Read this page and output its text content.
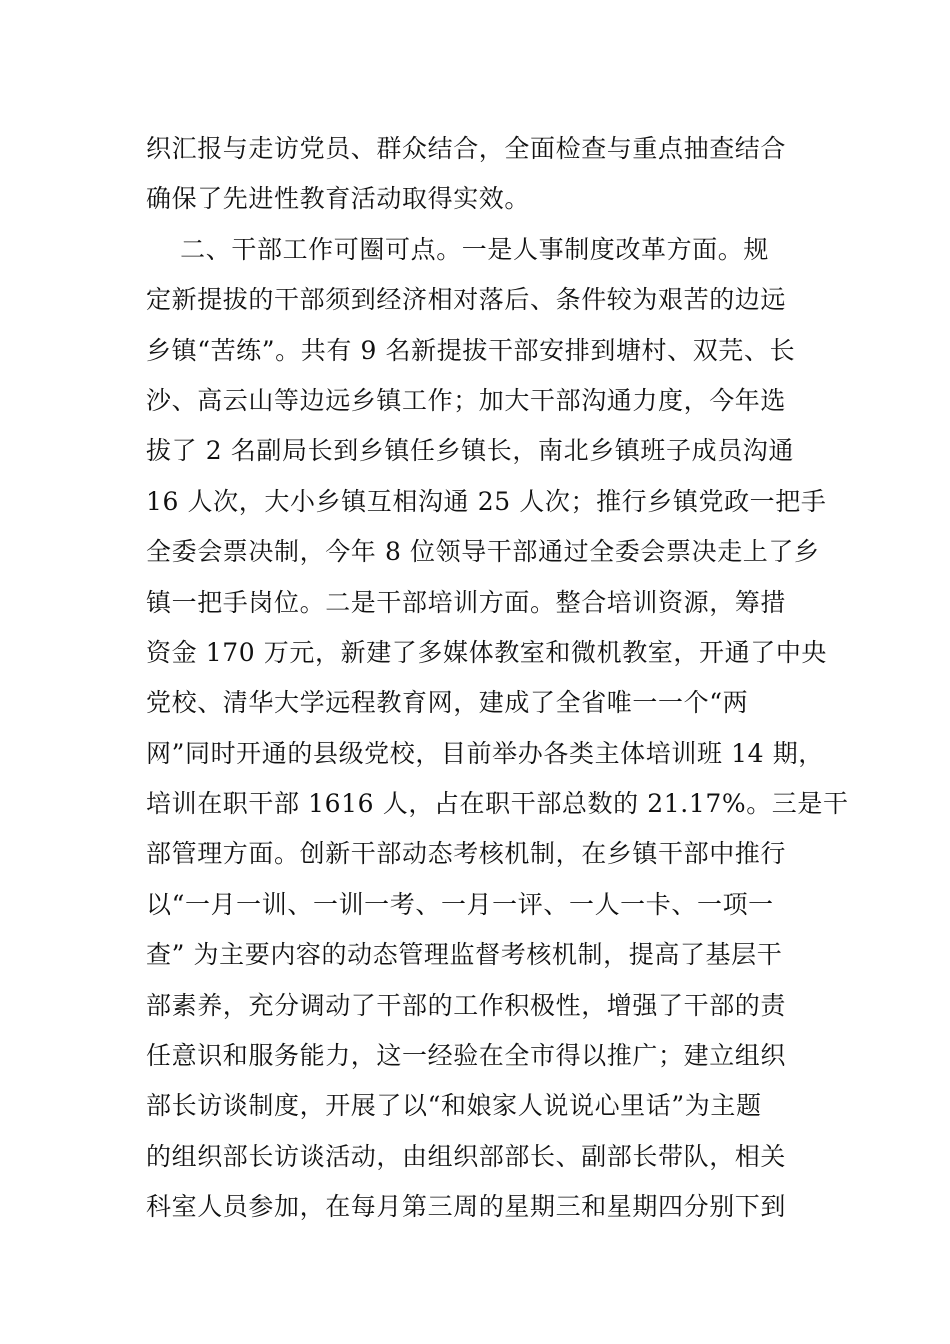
织汇报与走访党员、群众结合，全面检查与重点抽查结合
确保了先进性教育活动取得实效。
二、干部工作可圈可点。一是人事制度改革方面。规
定新提拔的干部须到经济相对落后、条件较为艰苦的边远
乡镇“苦练”。共有 9 名新提拔干部安排到塘村、双芫、长
沙、高云山等边远乡镇工作；加大干部沟通力度，今年选
拔了 2 名副局长到乡镇任乡镇长，南北乡镇班子成员沟通
16 人次，大小乡镇互相沟通 25 人次；推行乡镇党政一把手
全委会票决制，今年 8 位领导干部通过全委会票决走上了乡
镇一把手岗位。二是干部培训方面。整合培训资源，筹措
资金 170 万元，新建了多媒体教室和微机教室，开通了中央
党校、清华大学远程教育网，建成了全省唯一一个“两
网”同时开通的县级党校，目前举办各类主体培训班 14 期，
培训在职干部 1616 人，占在职干部总数的 21.17%。三是干
部管理方面。创新干部动态考核机制，在乡镇干部中推行
以“一月一训、一训一考、一月一评、一人一卡、一项一
查” 为主要内容的动态管理监督考核机制，提高了基层干
部素养，充分调动了干部的工作积极性，增强了干部的责
任意识和服务能力，这一经验在全市得以推广；建立组织
部长访谈制度，开展了以“和娘家人说说心里话”为主题
的组织部长访谈活动，由组织部部长、副部长带队，相关
科室人员参加，在每月第三周的星期三和星期四分别下到
